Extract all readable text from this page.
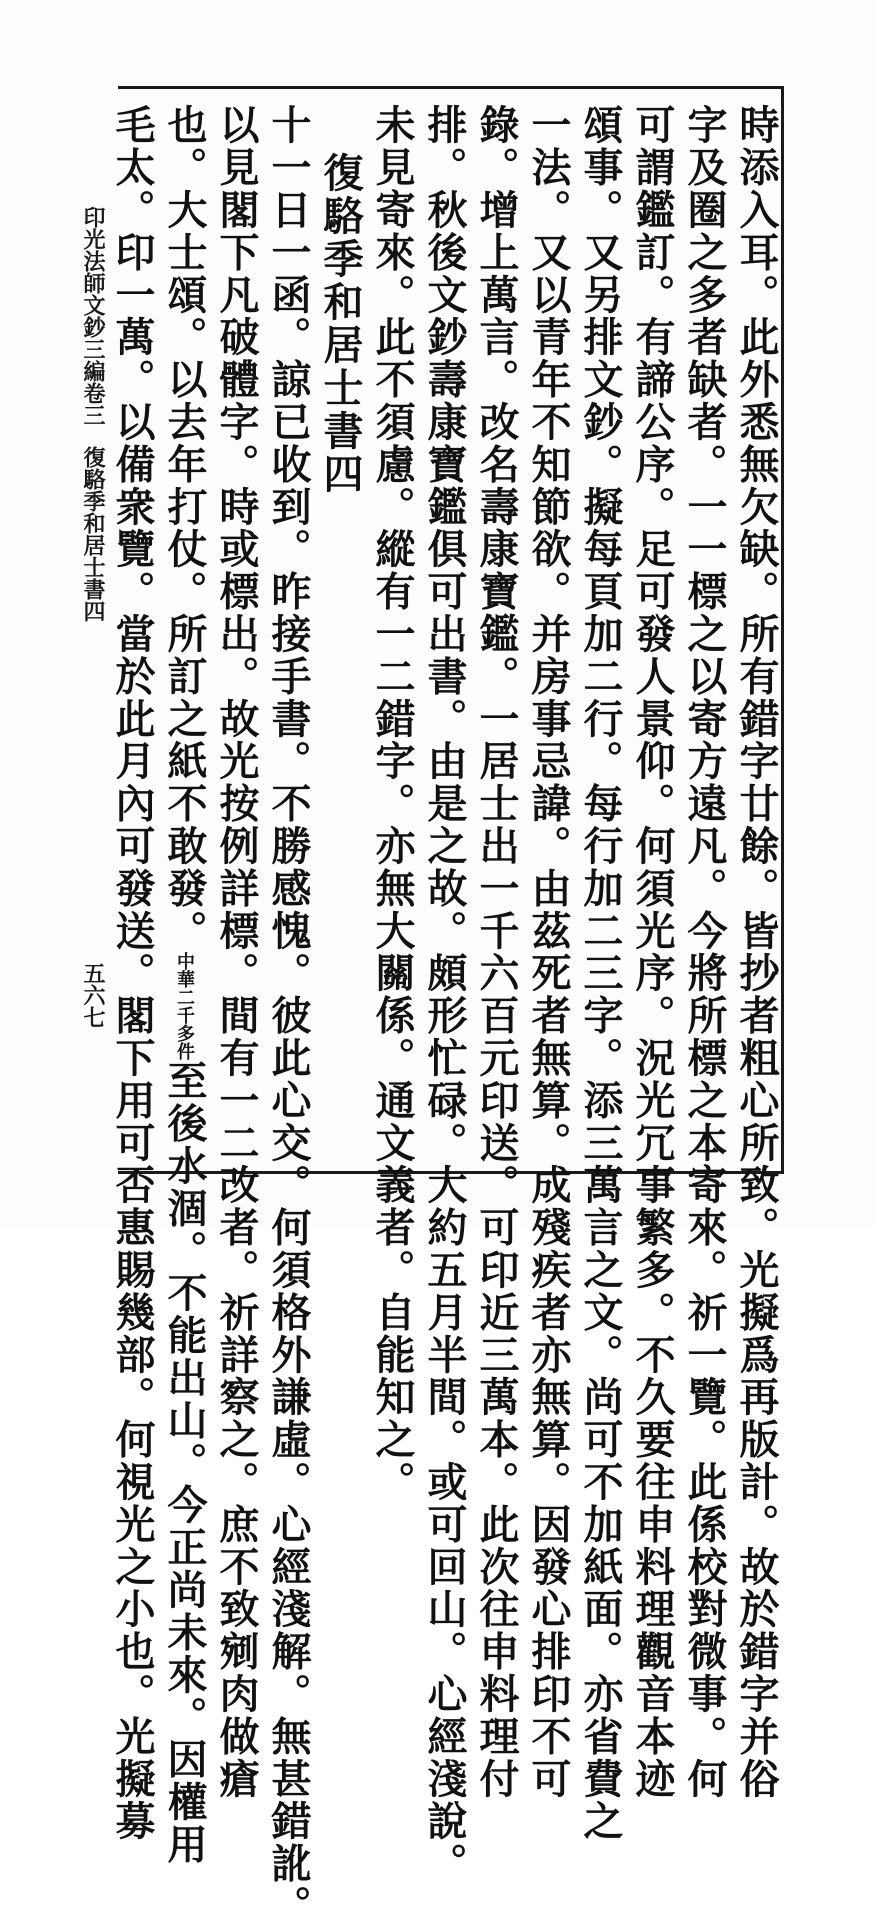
印光法師文鈔三編卷三
復駱季和居士書四
五六七	時添入耳。此外悉無欠缺。所有錯字廿餘。皆抄者粗心所致。光擬爲再版計。故於錯字并俗
字及圈之多者缺者。一一標之以寄方遠凡。今將所標之本寄來。祈一覽。此係校對微事。何
可謂鑑訂。有諦公序。足可發人景仰。何須光序。況光冗事繁多。不久要往申料理觀音本迹
頌事。又另排文鈔。擬每頁加二行。每行加二三字。添三萬言之文。尚可不加紙面。亦省費之
一法。又以青年不知節欲。并房事忌諱。由茲死者無算。成殘疾者亦無算。因發心排印不可
錄。增上萬言。改名壽康寶鑑。一居士出一千六百元印送。可印近三萬本。此次往申料理付
排。秋後文鈔壽康寶鑑俱可出書。由是之故。頗形忙碌。大約五月半間。或可回山。心經淺說。
未見寄來。此不須慮。縱有一二錯字。亦無大關係。通文義者。自能知之。
復駱季和居士書四
十一日一函。諒已收到。昨接手書。不勝感愧。彼此心交。何須格外謙虛。心經淺解。無甚錯訛。
以見閣下凡破體字。時或標出。故光按例詳標。間有一二改者。祈詳察之。庶不致剜肉做瘡
也。大士頌。以去年打仗。所訂之紙不敢發。中華二千多件至後水涸。不能出山。今正尚未來。因權用
毛太。印一萬。以備衆覽。當於此月內可發送。閣下用可否惠賜幾部。何視光之小也。光擬募
